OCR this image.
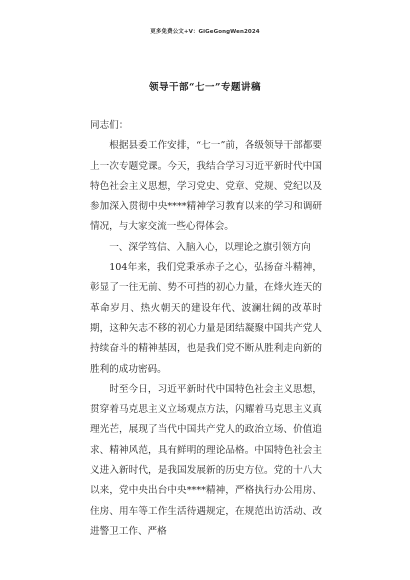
更多免费公文+V：GiGeGongWen2024
领导干部“七一”专题讲稿

同志们：

根据县委工作安排，“七一”前，各级领导干部都要上一次专题党课。今天，我结合学习习近平新时代中国特色社会主义思想，学习党史、党章、党规、党纪以及参加深入贯彻中央****精神学习教育以来的学习和调研情况，与大家交流一些心得体会。

一、深学笃信、入脑入心，以理论之旗引领方向

104年来，我们党秉承赤子之心，弘扬奋斗精神，彰显了一往无前、势不可挡的初心力量，在烽火连天的革命岁月、热火朝天的建设年代、波澜壮阔的改革时期，这种矢志不移的初心力量是团结凝聚中国共产党人持续奋斗的精神基因，也是我们党不断从胜利走向新的胜利的成功密码。

时至今日，习近平新时代中国特色社会主义思想，贯穿着马克思主义立场观点方法，闪耀着马克思主义真理光芒，展现了当代中国共产党人的政治立场、价值追求、精神风范，具有鲜明的理论品格。中国特色社会主义进入新时代，是我国发展新的历史方位。党的十八大以来，党中央出台中央****精神，严格执行办公用房、住房、用车等工作生活待遇规定，在规范出访活动、改进警卫工作、严格
